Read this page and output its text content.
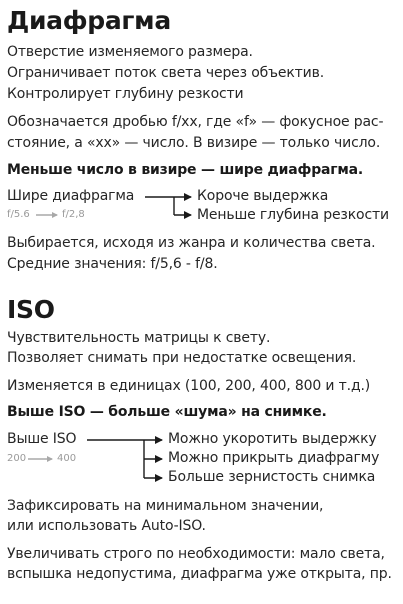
Диафрагма
Отверстие изменяемого размера.
Ограничивает поток света через объектив.
Контролирует глубину резкости
Обозначается дробью f/xx, где «f» — фокусное рас-
стояние, а «xx» — число. В визире — только число.
Меньше число в визире — шире диафрагма.
Шире диафрагма
f/5.6	f/2,8
Короче выдержка
Меньше глубина резкости
Выбирается, исходя из жанра и количества света.
Средние значения: f/5,6 - f/8.
ISO
Чувствительность матрицы к свету.
Позволяет снимать при недостатке освещения.
Изменяется в единицах (100, 200, 400, 800 и т.д.)
Выше ISO — больше «шума» на снимке.
Выше ISO
200	400
Можно укоротить выдержку
Можно прикрыть диафрагму
Больше зернистость снимка
Зафиксировать на минимальном значении,
или использовать Auto-ISO.
Увеличивать строго по необходимости: мало света,
вспышка недопустима, диафрагма уже открыта, пр.
